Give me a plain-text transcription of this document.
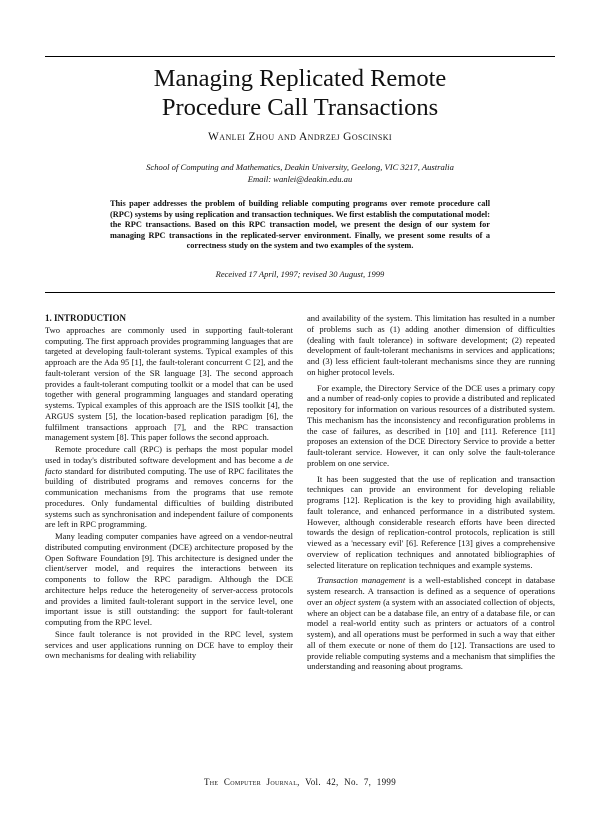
Managing Replicated Remote
Procedure Call Transactions
Wanlei Zhou and Andrzej Goscinski
School of Computing and Mathematics, Deakin University, Geelong, VIC 3217, Australia
Email: wanlei@deakin.edu.au

This paper addresses the problem of building reliable computing programs over remote procedure call (RPC) systems by using replication and transaction techniques. We first establish the computational model: the RPC transactions. Based on this RPC transaction model, we present the design of our system for managing RPC transactions in the replicated-server environment. Finally, we present some results of a correctness study on the system and two examples of the system.

Received 17 April, 1997; revised 30 August, 1999

1. INTRODUCTION

Two approaches are commonly used in supporting fault-tolerant computing. The first approach provides programming languages that are targeted at developing fault-tolerant systems. Typical examples of this approach are the Ada 95 [1], the fault-tolerant concurrent C [2], and the fault-tolerant version of the SR language [3]. The second approach provides a fault-tolerant computing toolkit or a model that can be used together with general programming languages and standard operating systems. Typical examples of this approach are the ISIS toolkit [4], the ARGUS system [5], the location-based replication paradigm [6], the fulfilment transactions approach [7], and the RPC transaction management system [8]. This paper follows the second approach.

Remote procedure call (RPC) is perhaps the most popular model used in today's distributed software development and has become a de facto standard for distributed computing. The use of RPC facilitates the building of distributed programs and removes concerns for the communication mechanisms from the programs that use remote procedures. Only fundamental difficulties of building distributed systems such as synchronisation and independent failure of components are left in RPC programming.

Many leading computer companies have agreed on a vendor-neutral distributed computing environment (DCE) architecture proposed by the Open Software Foundation [9]. This architecture is designed under the client/server model, and requires the interactions between its components to follow the RPC paradigm. Although the DCE architecture helps reduce the heterogeneity of server-access protocols and provides a limited fault-tolerant support in the service level, one important issue is still outstanding: the support for fault-tolerant computing from the RPC level.

Since fault tolerance is not provided in the RPC level, system services and user applications running on DCE have to employ their own mechanisms for dealing with reliability

and availability of the system. This limitation has resulted in a number of problems such as (1) adding another dimension of difficulties (dealing with fault tolerance) in software development; (2) repeated development of fault-tolerant mechanisms in services and applications; and (3) less efficient fault-tolerant mechanisms since they are running on higher protocol levels.

For example, the Directory Service of the DCE uses a primary copy and a number of read-only copies to provide a distributed and replicated repository for information on various resources of a distributed system. This mechanism has the inconsistency and reconfiguration problems in the case of failures, as described in [10] and [11]. Reference [11] proposes an extension of the DCE Directory Service to provide a better fault-tolerant service. However, it can only solve the fault-tolerance problem on one service.

It has been suggested that the use of replication and transaction techniques can provide an environment for developing reliable programs [12]. Replication is the key to providing high availability, fault tolerance, and enhanced performance in a distributed system. However, although considerable research efforts have been directed towards the design of replication-control protocols, replication is still viewed as a 'necessary evil' [6]. Reference [13] gives a comprehensive overview of replication techniques and annotated bibliographies of selected literature on replication techniques and example systems.

Transaction management is a well-established concept in database system research. A transaction is defined as a sequence of operations over an object system (a system with an associated collection of objects, where an object can be a database file, an entry of a database file, or can model a real-world entity such as printers or actuators of a control system), and all operations must be performed in such a way that either all of them execute or none of them do [12]. Transactions are used to provide reliable computing systems and a mechanism that simplifies the understanding and reasoning about programs.

The Computer Journal, Vol. 42, No. 7, 1999
